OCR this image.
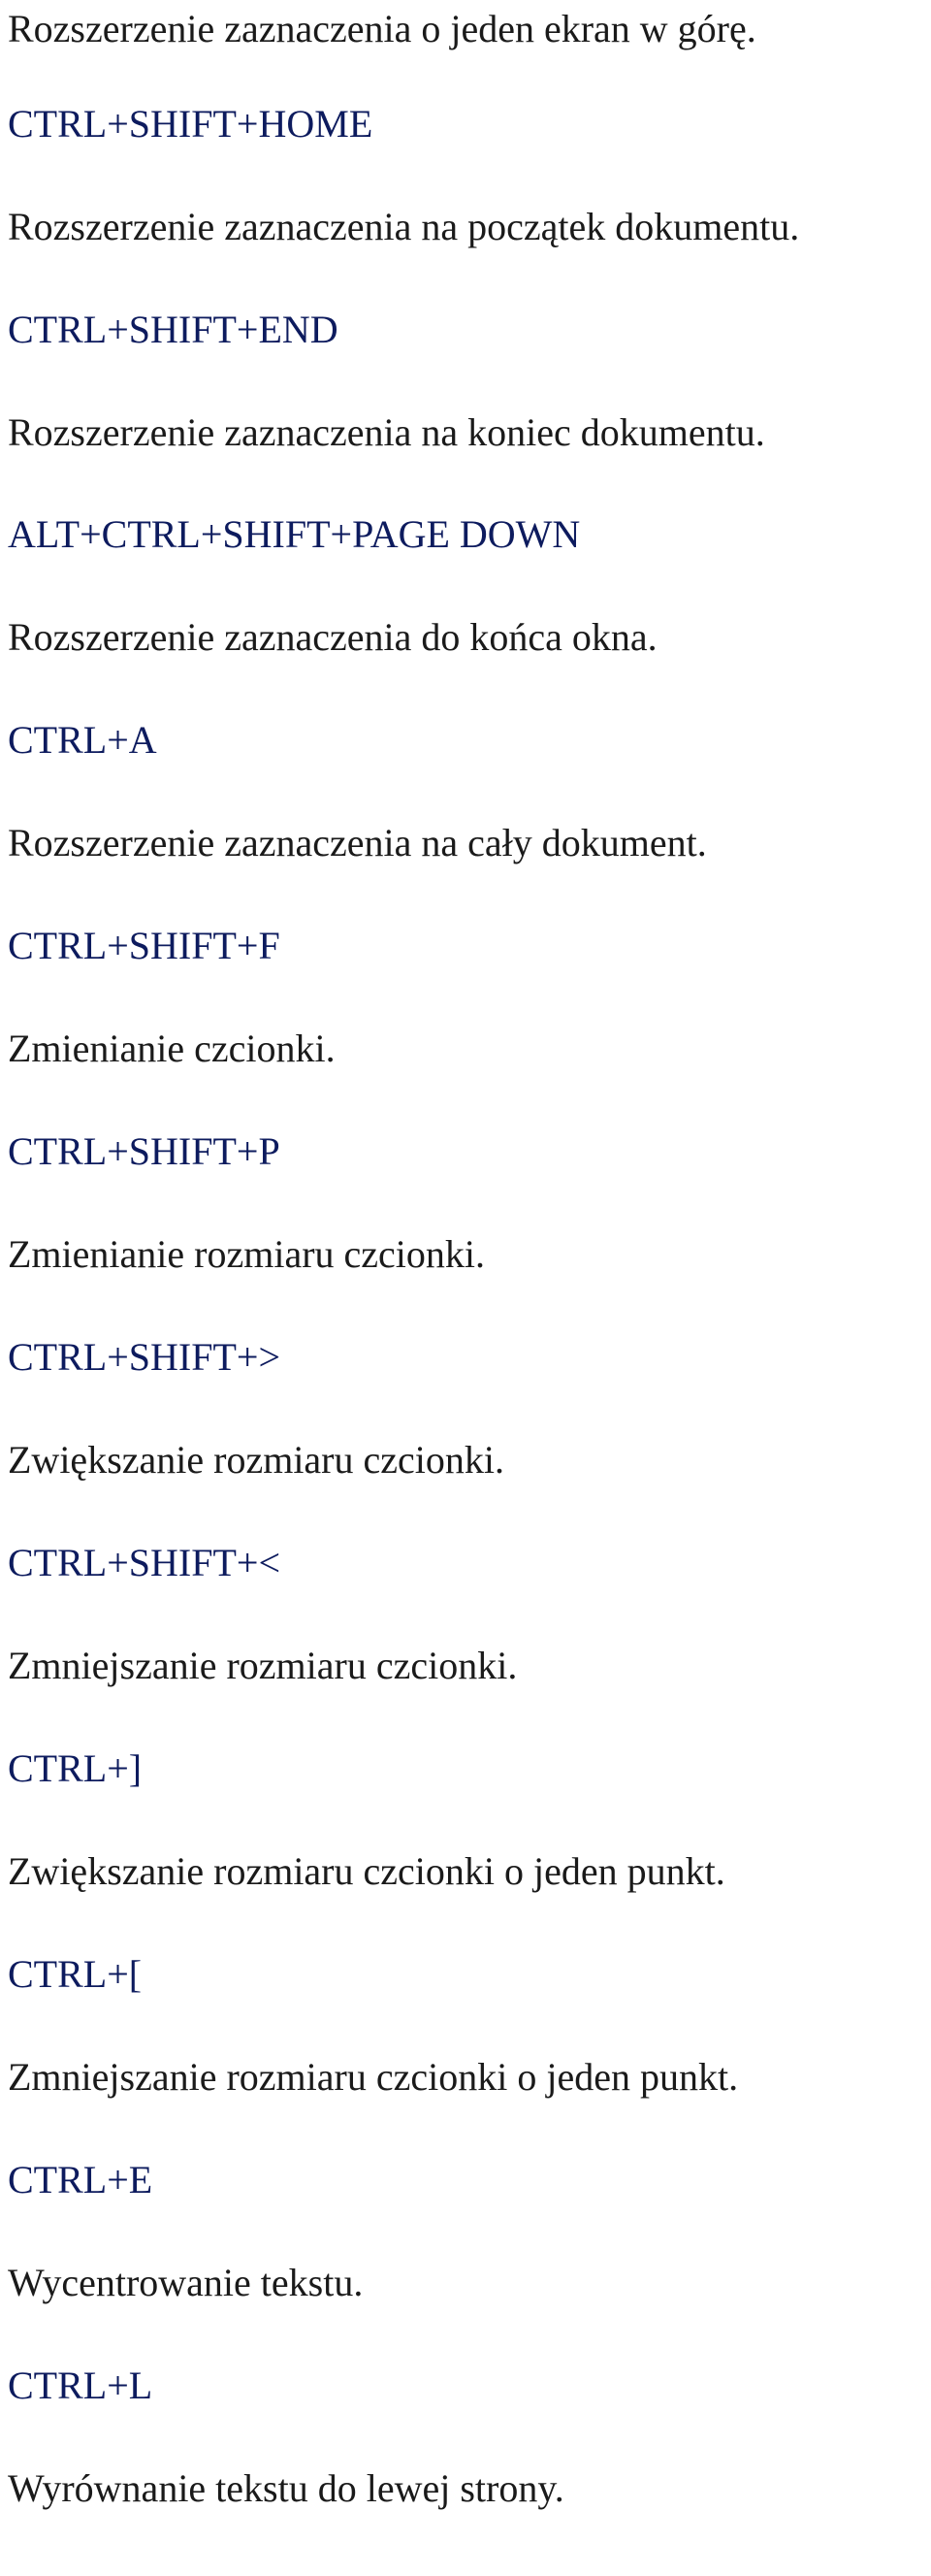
Rozszerzenie zaznaczenia o jeden ekran w górę.

CTRL+SHIFT+HOME

Rozszerzenie zaznaczenia na początek dokumentu.

CTRL+SHIFT+END

Rozszerzenie zaznaczenia na koniec dokumentu.

ALT+CTRL+SHIFT+PAGE DOWN

Rozszerzenie zaznaczenia do końca okna.

CTRL+A

Rozszerzenie zaznaczenia na cały dokument.

CTRL+SHIFT+F

Zmienianie czcionki.

CTRL+SHIFT+P

Zmienianie rozmiaru czcionki.

CTRL+SHIFT+>

Zwiększanie rozmiaru czcionki.

CTRL+SHIFT+<

Zmniejszanie rozmiaru czcionki.

CTRL+]

Zwiększanie rozmiaru czcionki o jeden punkt.

CTRL+[

Zmniejszanie rozmiaru czcionki o jeden punkt.

CTRL+E

Wycentrowanie tekstu.

CTRL+L

Wyrównanie tekstu do lewej strony.
